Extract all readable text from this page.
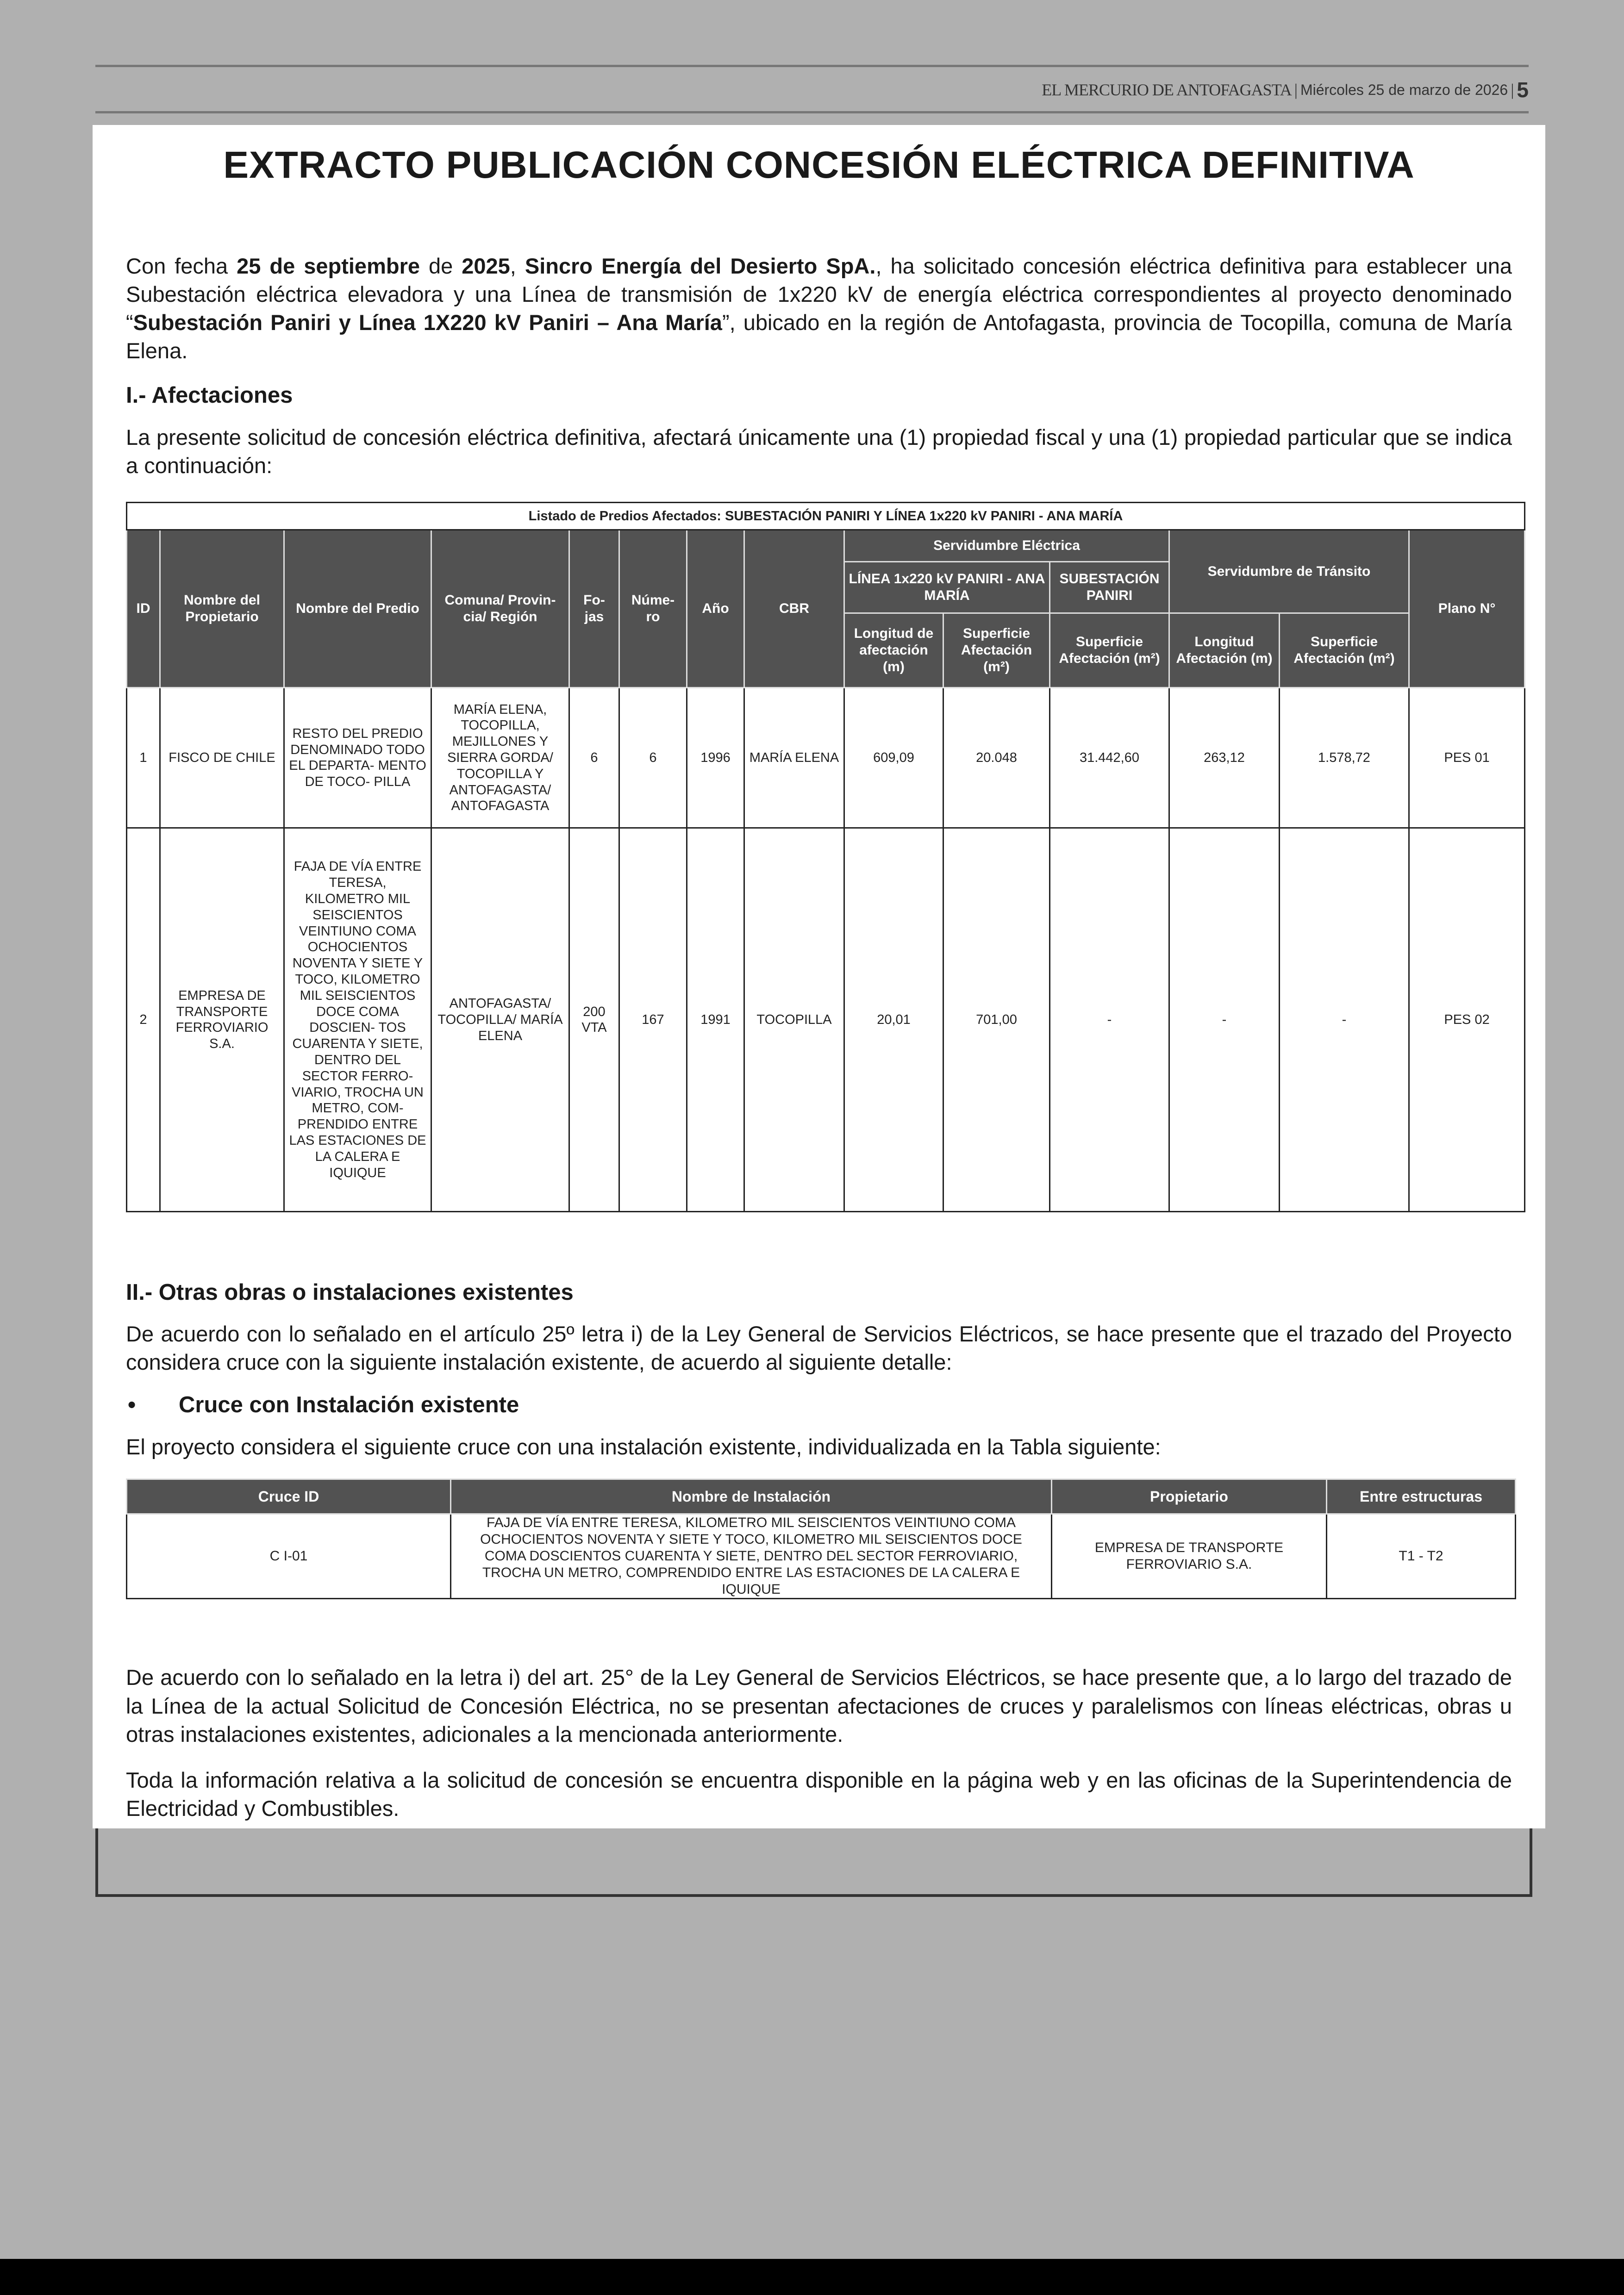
EL MERCURIO DE ANTOFAGASTA | Miércoles 25 de marzo de 2026 | 5
EXTRACTO PUBLICACIÓN CONCESIÓN ELÉCTRICA DEFINITIVA

Con fecha 25 de septiembre de 2025, Sincro Energía del Desierto SpA., ha solicitado concesión eléctrica definitiva para establecer una Subestación eléctrica elevadora y una Línea de transmisión de 1x220 kV de energía eléctrica correspondientes al proyecto denominado “Subestación Paniri y Línea 1X220 kV Paniri – Ana María”, ubicado en la región de Antofagasta, provincia de Tocopilla, comuna de María Elena.

I.- Afectaciones

La presente solicitud de concesión eléctrica definitiva, afectará únicamente una (1) propiedad fiscal y una (1) propiedad particular que se indica a continuación:

Listado de Predios Afectados: SUBESTACIÓN PANIRI Y LÍNEA 1x220 kV PANIRI - ANA MARÍA													
ID	Nombre del Propietario	Nombre del Predio	Comuna/ Provin- cia/ Región	Fo- jas	Núme- ro	Año	CBR	Servidumbre Eléctrica			Servidumbre de Tránsito		Plano N°
								LÍNEA 1x220 kV PANIRI - ANA MARÍA		SUBESTACIÓN PANIRI			
								Longitud de afectación (m)	Superficie Afectación (m²)	Superficie Afectación (m²)	Longitud Afectación (m)	Superficie Afectación (m²)	
1	FISCO DE CHILE	RESTO DEL PREDIO DENOMINADO TODO EL DEPARTA- MENTO DE TOCO- PILLA	MARÍA ELENA, TOCOPILLA, MEJILLONES Y SIERRA GORDA/ TOCOPILLA Y ANTOFAGASTA/ ANTOFAGASTA	6	6	1996	MARÍA ELENA	609,09	20.048	31.442,60	263,12	1.578,72	PES 01
2	EMPRESA DE TRANSPORTE FERROVIARIO S.A.	FAJA DE VÍA ENTRE TERESA, KILOMETRO MIL SEISCIENTOS VEINTIUNO COMA OCHOCIENTOS NOVENTA Y SIETE Y TOCO, KILOMETRO MIL SEISCIENTOS DOCE COMA DOSCIEN- TOS CUARENTA Y SIETE, DENTRO DEL SECTOR FERRO- VIARIO, TROCHA UN METRO, COM- PRENDIDO ENTRE LAS ESTACIONES DE LA CALERA E IQUIQUE	ANTOFAGASTA/ TOCOPILLA/ MARÍA ELENA	200 VTA	167	1991	TOCOPILLA	20,01	701,00	-	-	-	PES 02
II.- Otras obras o instalaciones existentes

De acuerdo con lo señalado en el artículo 25º letra i) de la Ley General de Servicios Eléctricos, se hace presente que el trazado del Proyecto considera cruce con la siguiente instalación existente, de acuerdo al siguiente detalle:

•	Cruce con Instalación existente

El proyecto considera el siguiente cruce con una instalación existente, individualizada en la Tabla siguiente:

Cruce ID	Nombre de Instalación	Propietario	Entre estructuras
C I-01	FAJA DE VÍA ENTRE TERESA, KILOMETRO MIL SEISCIENTOS VEINTIUNO COMA OCHOCIENTOS NOVENTA Y SIETE Y TOCO, KILOMETRO MIL SEISCIENTOS DOCE COMA DOSCIENTOS CUARENTA Y SIETE, DENTRO DEL SECTOR FERROVIARIO, TROCHA UN METRO, COMPRENDIDO ENTRE LAS ESTACIONES DE LA CALERA E IQUIQUE	EMPRESA DE TRANSPORTE FERROVIARIO S.A.	T1 - T2

De acuerdo con lo señalado en la letra i) del art. 25° de la Ley General de Servicios Eléctricos, se hace presente que, a lo largo del trazado de la Línea de la actual Solicitud de Concesión Eléctrica, no se presentan afectaciones de cruces y paralelismos con líneas eléctricas, obras u otras instalaciones existentes, adicionales a la mencionada anteriormente.

Toda la información relativa a la solicitud de concesión se encuentra disponible en la página web y en las oficinas de la Superintendencia de Electricidad y Combustibles.
